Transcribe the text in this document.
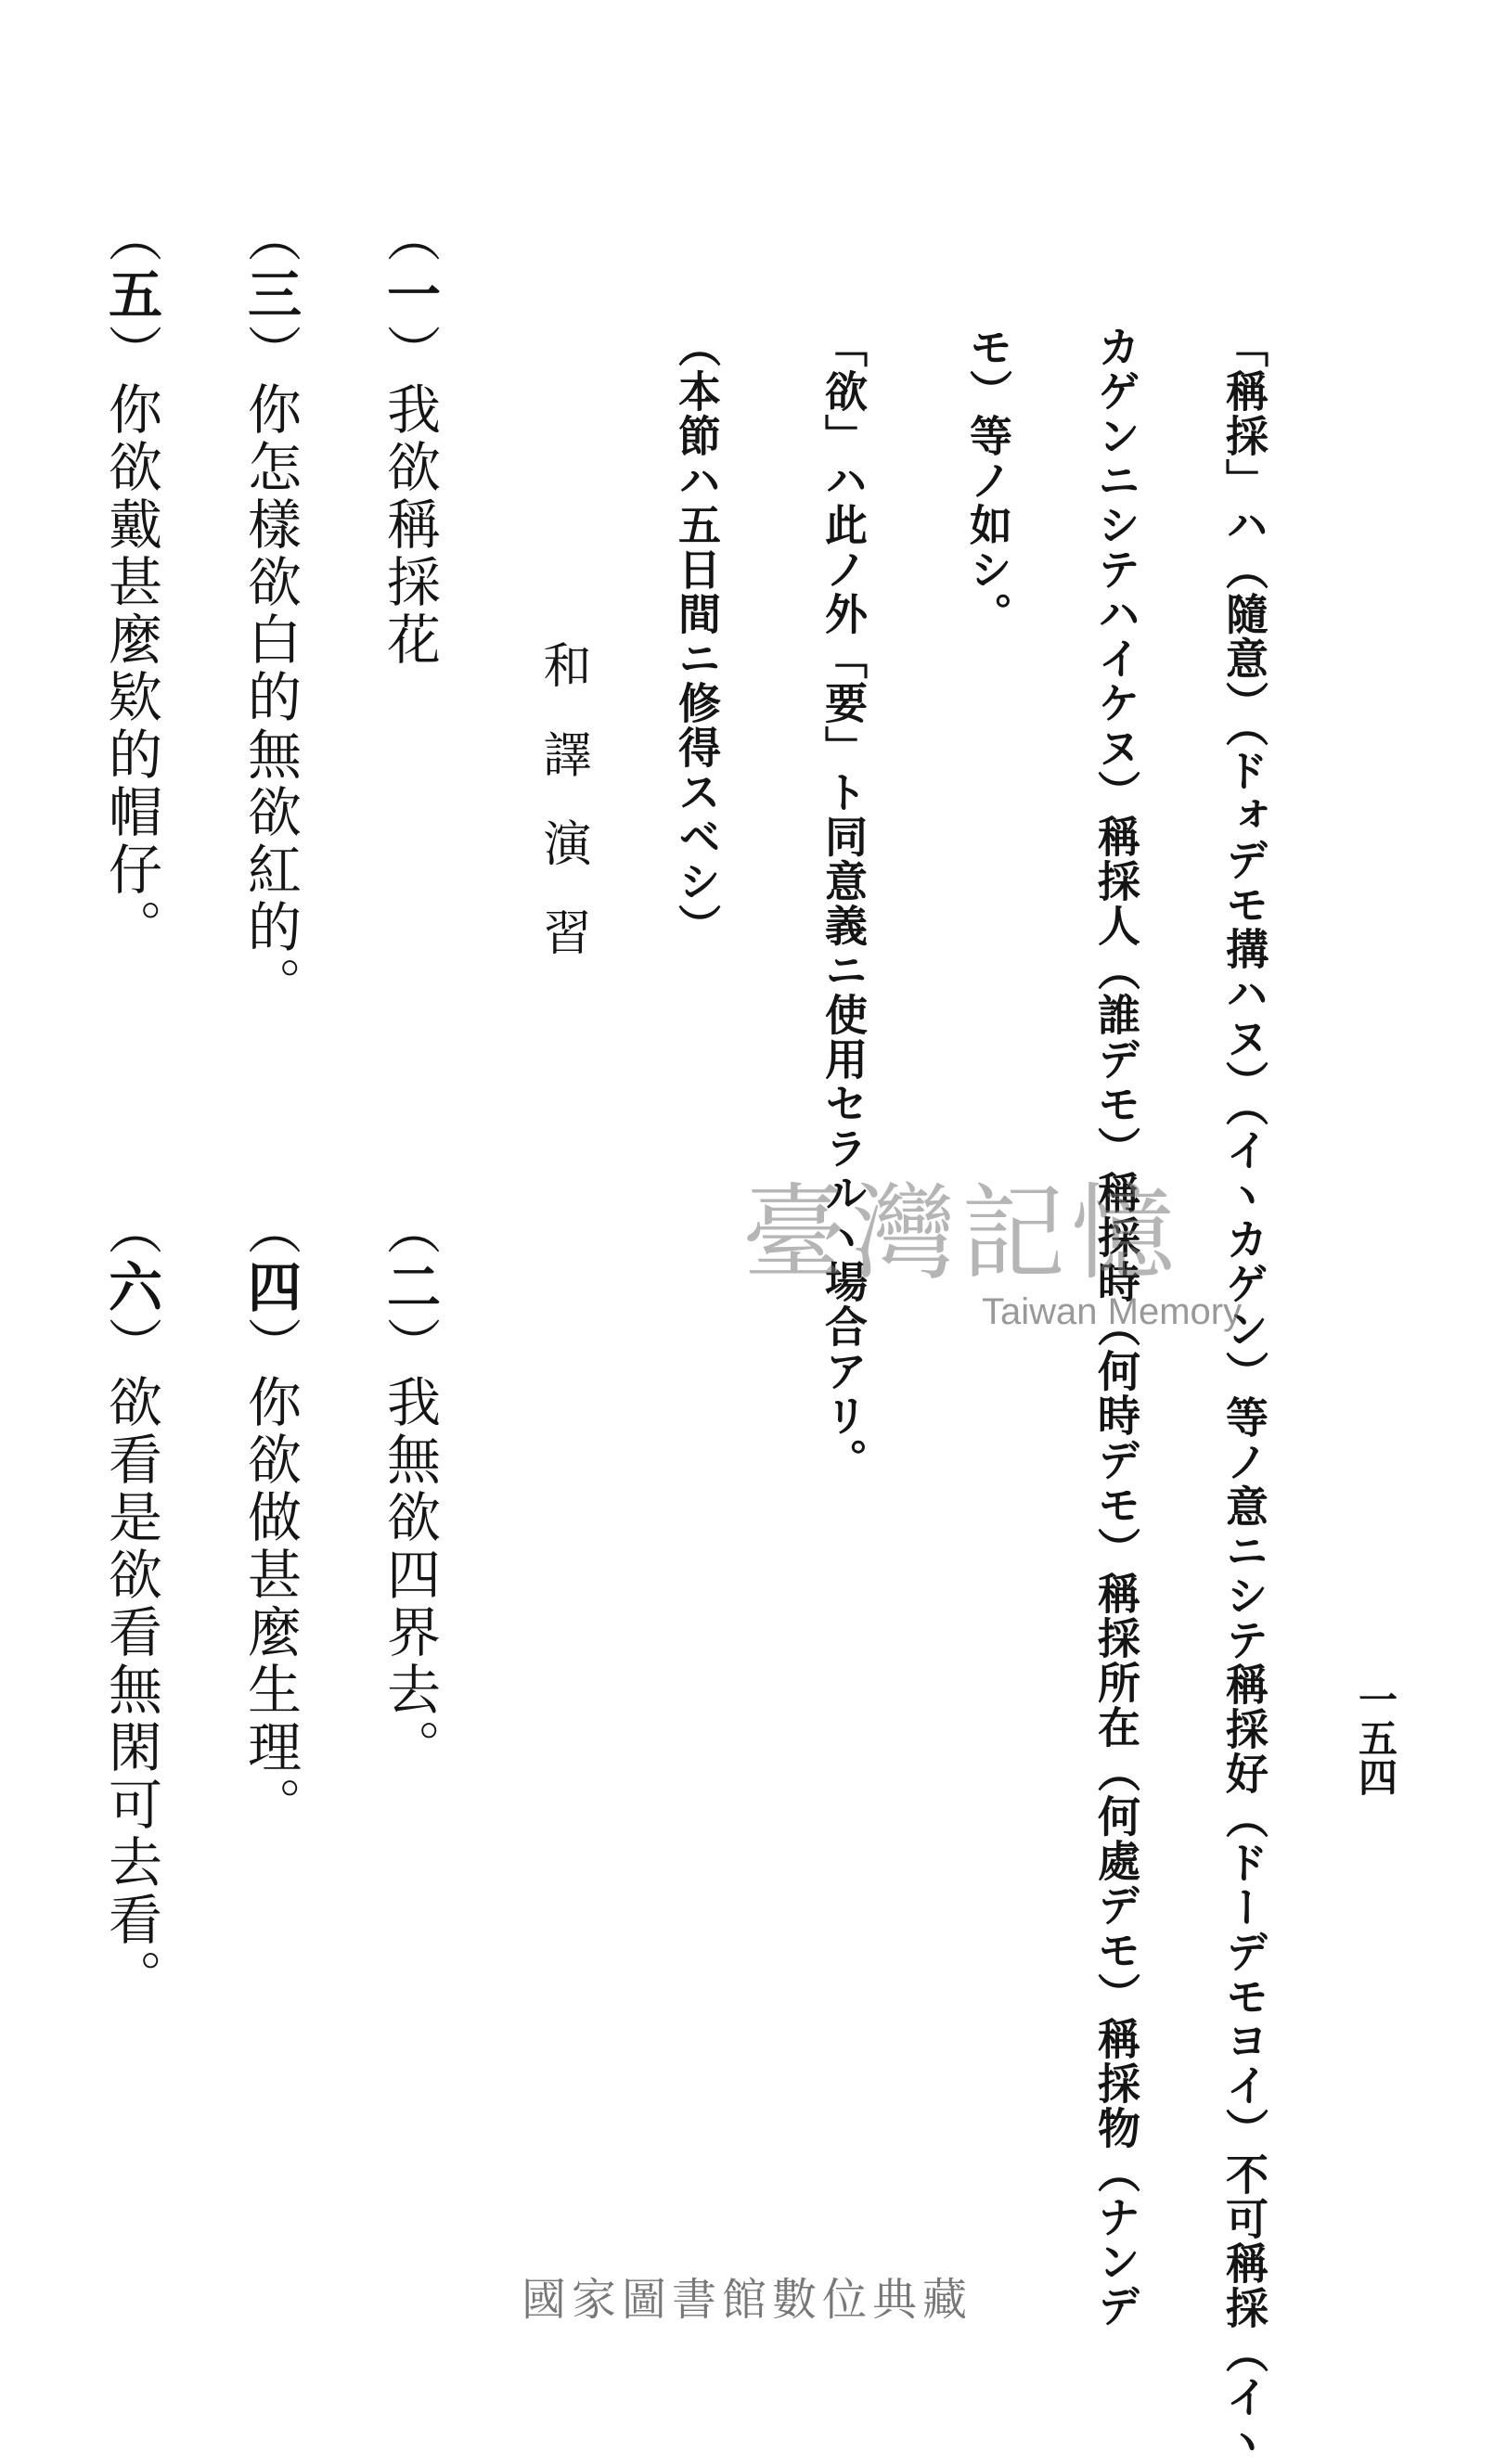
一五四
「稱採」ハ（隨意）（ドォデモ搆ハヌ）（イヽカゲン）等ノ意ニシテ稱採好（ドーデモヨイ）不可稱採（イヽ
カゲンニシテハイケヌ）稱採人（誰デモ）稱採時（何時デモ）稱採所在（何處デモ）稱採物（ナンデ
モ）等ノ如シ。
「欲」ハ此ノ外「要」ト同意義ニ使用セラルヽ場合アリ。
（本節ハ五日間ニ修得スベシ）
和譯演習
（一）我欲稱採花
（三）你怎樣欲白的無欲紅的。
（五）你欲戴甚麼欵的帽仔。
（二）我無欲四界去。
（四）你欲做甚麼生理。
（六）欲看是欲看無閑可去看。
臺灣記憶
Taiwan Memory
國家圖書館數位典藏
